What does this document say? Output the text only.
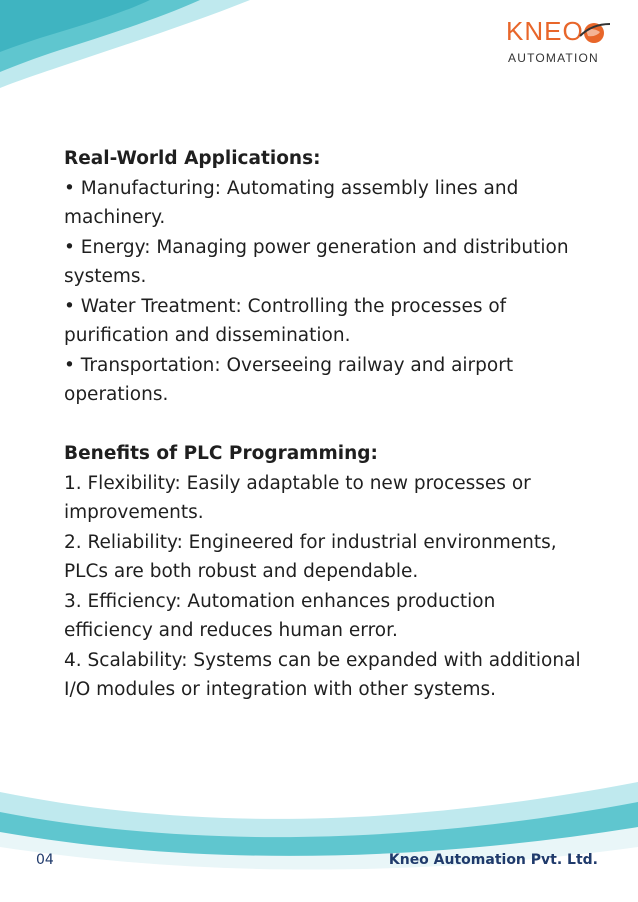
KNEO
AUTOMATION
Real-World Applications:
• Manufacturing: Automating assembly lines and machinery.
• Energy: Managing power generation and distribution systems.
• Water Treatment: Controlling the processes of purification and dissemination.
• Transportation: Overseeing railway and airport operations.
Benefits of PLC Programming:
1. Flexibility: Easily adaptable to new processes or improvements.
2. Reliability: Engineered for industrial environments, PLCs are both robust and dependable.
3. Efficiency: Automation enhances production efficiency and reduces human error.
4. Scalability: Systems can be expanded with additional I/O modules or integration with other systems.
04	Kneo Automation Pvt. Ltd.
